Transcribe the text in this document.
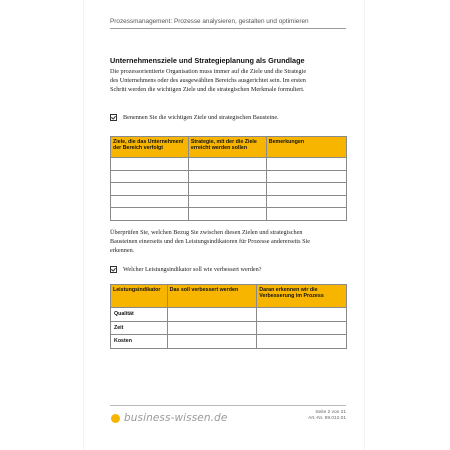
Prozessmanagement: Prozesse analysieren, gestalten und optimieren
Unternehmensziele und Strategieplanung als Grundlage
Die prozessorientierte Organisation muss immer auf die Ziele und die Strategie des Unternehmens oder des ausgewählten Bereichs ausgerichtet sein. Im ersten Schritt werden die wichtigen Ziele und die strategischen Merkmale formuliert.
Benennen Sie die wichtigen Ziele und strategischen Bausteine.
Ziele, die das Unternehmen/ der Bereich verfolgt	Strategie, mit der die Ziele erreicht werden sollen	Bemerkungen

Überprüfen Sie, welchen Bezug Sie zwischen diesen Zielen und strategischen Bausteinen einerseits und den Leistungsindikatoren für Prozesse andererseits Sie erkennen.
Welcher Leistungsindikator soll wie verbessert werden?
Leistungsindikator	Das soll verbessert werden	Daran erkennen wir die Verbesserung im Prozess
Qualität		
Zeit		
Kosten		
business-wissen.de	Seite 2 von 21
Art.-Nr. 99.012.01
